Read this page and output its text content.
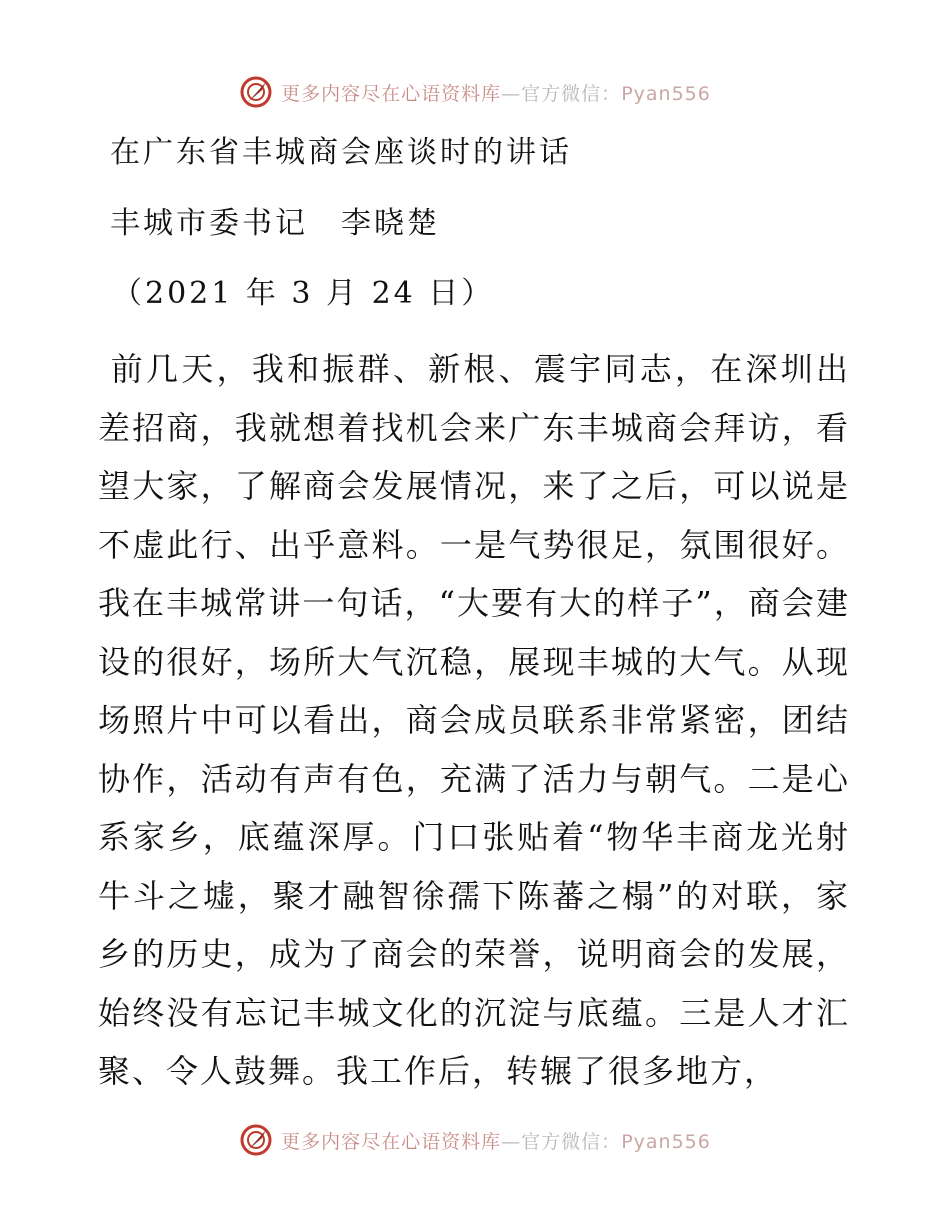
更多内容尽在心语资料库—官方微信：Pyan556
在广东省丰城商会座谈时的讲话
丰城市委书记　李晓楚
（2021 年 3 月 24 日）

前几天，我和振群、新根、震宇同志，在深圳出差招商，我就想着找机会来广东丰城商会拜访，看望大家，了解商会发展情况，来了之后，可以说是不虚此行、出乎意料。一是气势很足，氛围很好。我在丰城常讲一句话，“大要有大的样子”，商会建设的很好，场所大气沉稳，展现丰城的大气。从现场照片中可以看出，商会成员联系非常紧密，团结协作，活动有声有色，充满了活力与朝气。二是心系家乡，底蕴深厚。门口张贴着“物华丰商龙光射牛斗之墟，聚才融智徐孺下陈蕃之榻”的对联，家乡的历史，成为了商会的荣誉，说明商会的发展，始终没有忘记丰城文化的沉淀与底蕴。三是人才汇聚、令人鼓舞。我工作后，转辗了很多地方，

更多内容尽在心语资料库—官方微信：Pyan556
